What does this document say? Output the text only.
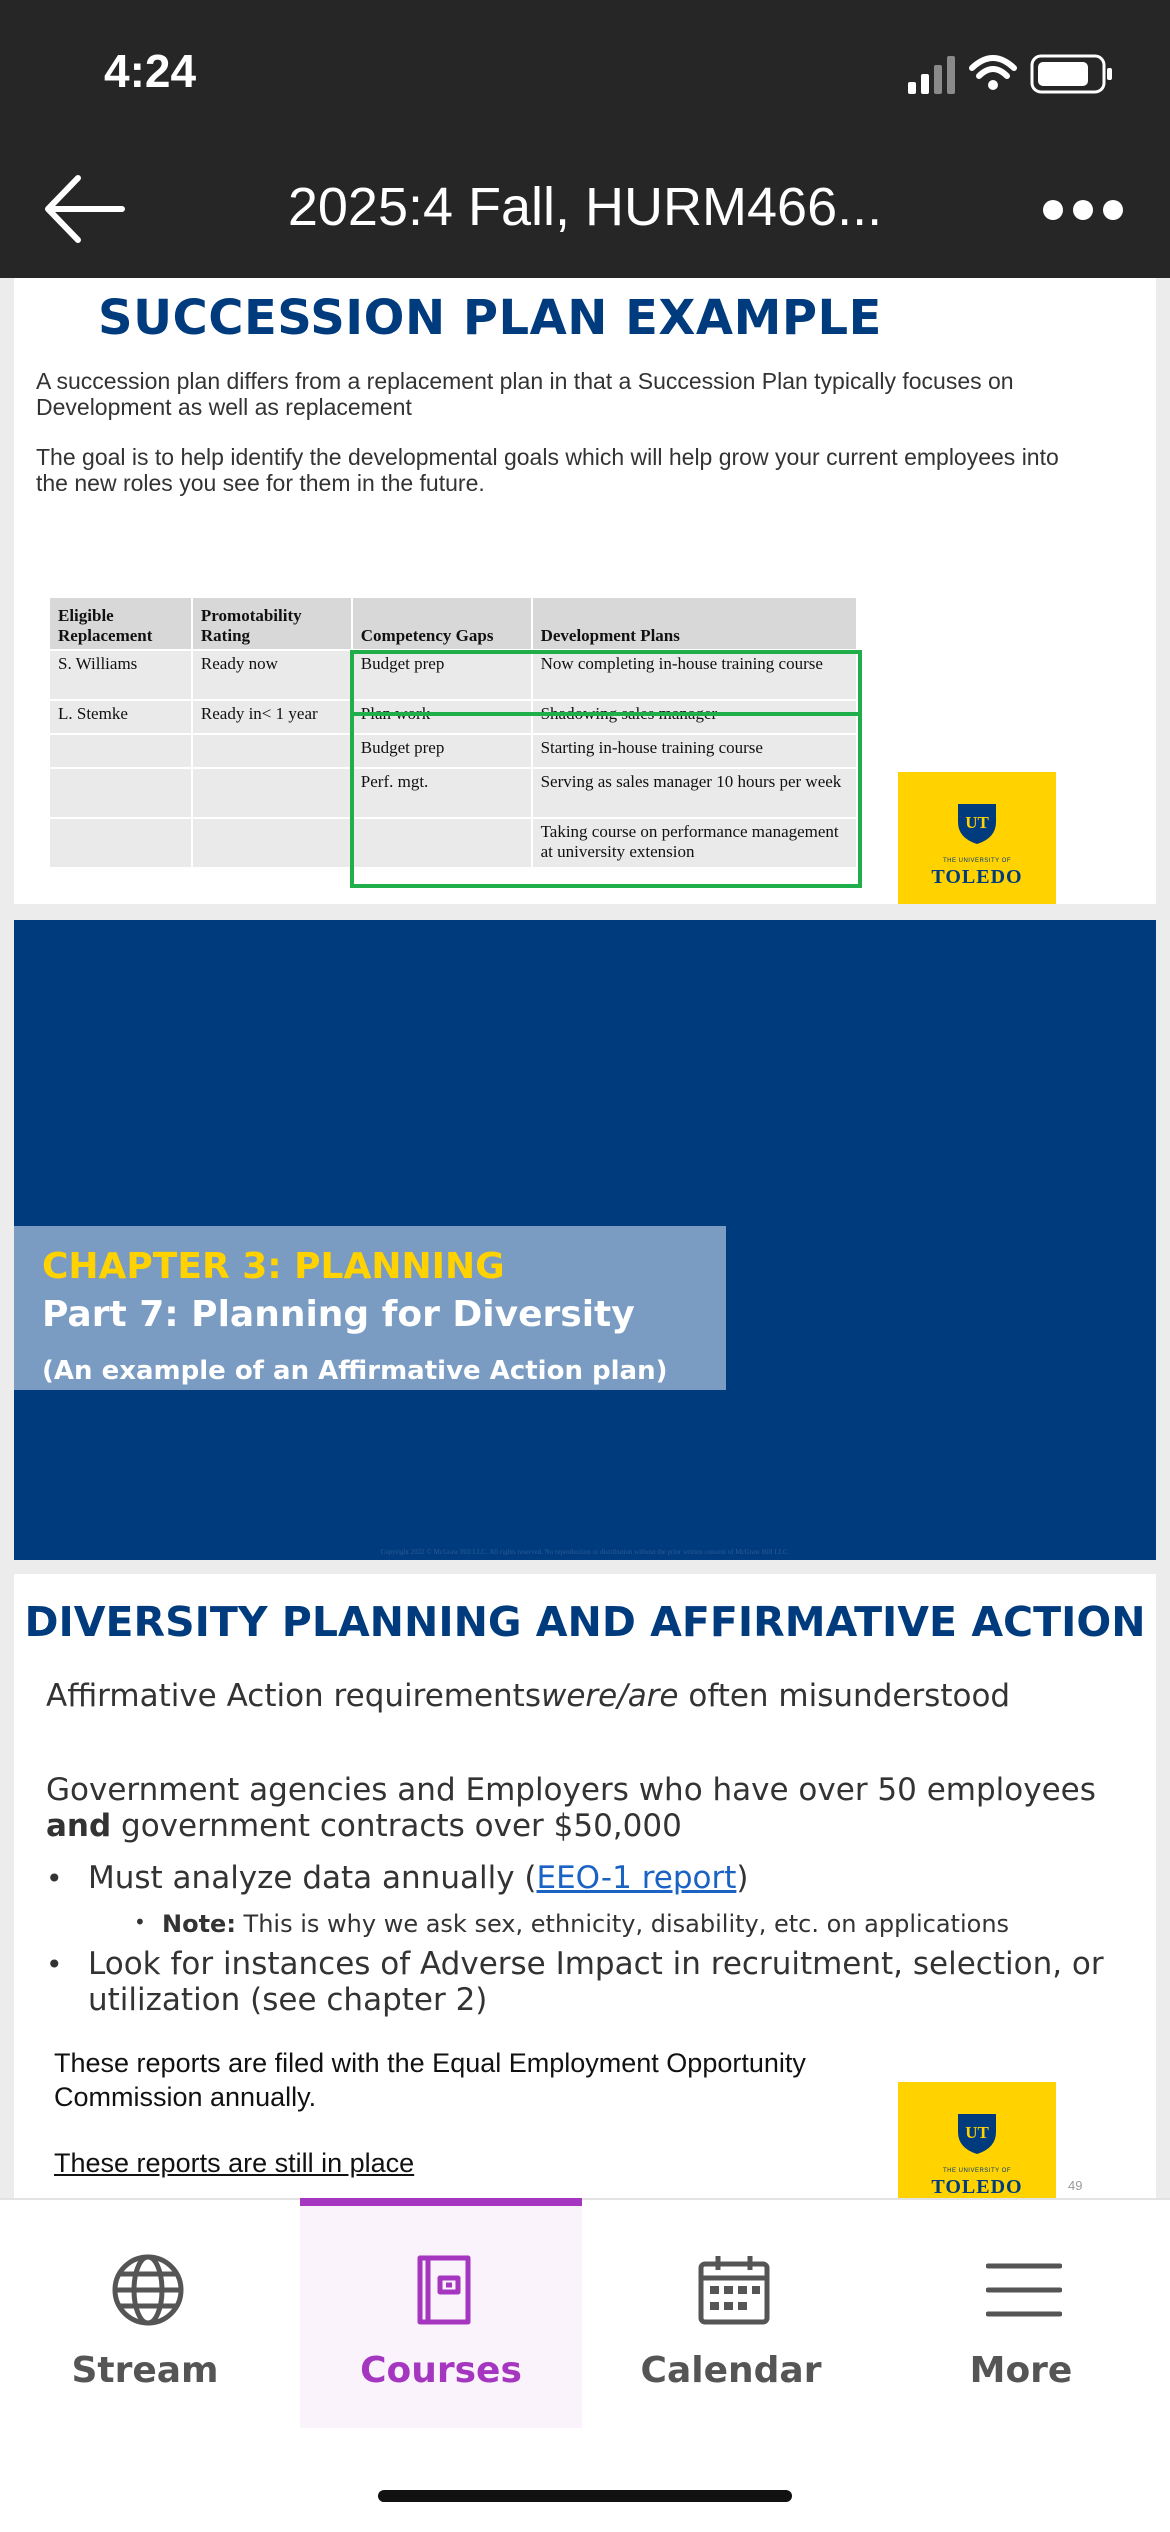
4:24
2025:4 Fall, HURM466...
SUCCESSION PLAN EXAMPLE
A succession plan differs from a replacement plan in that a Succession Plan typically focuses on Development as well as replacement
The goal is to help identify the developmental goals which will help grow your current employees into the new roles you see for them in the future.
Eligible Replacement	Promotability Rating	Competency Gaps	Development Plans
S. Williams	Ready now	Budget prep	Now completing in-house training course
L. Stemke	Ready in< 1 year	Plan work	Shadowing sales manager
		Budget prep	Starting in-house training course
		Perf. mgt.	Serving as sales manager 10 hours per week
			Taking course on performance management at university extension
UT
THE UNIVERSITY OF
TOLEDO
CHAPTER 3: PLANNING
Part 7: Planning for Diversity
(An example of an Affirmative Action plan)
Copyright 2022 © McGraw Hill LLC. All rights reserved. No reproduction or distribution without the prior written consent of McGraw Hill LLC.
DIVERSITY PLANNING AND AFFIRMATIVE ACTION
Affirmative Action requirementswere/are often misunderstood
Government agencies and Employers who have over 50 employees and government contracts over $50,000
• Must analyze data annually (EEO-1 report)
• Note: This is why we ask sex, ethnicity, disability, etc. on applications
• Look for instances of Adverse Impact in recruitment, selection, or utilization (see chapter 2)
These reports are filed with the Equal Employment Opportunity Commission annually.
These reports are still in place
49
UT
THE UNIVERSITY OF
TOLEDO
Stream	Courses	Calendar	More
